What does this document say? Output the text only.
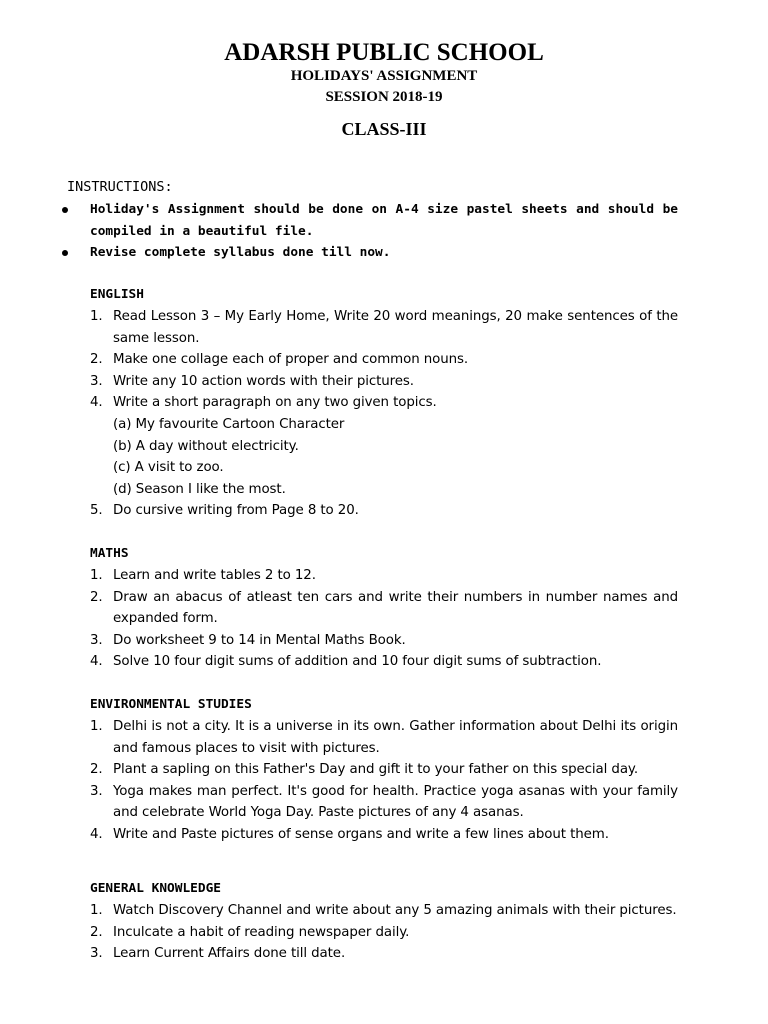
ADARSH PUBLIC SCHOOL
HOLIDAYS' ASSIGNMENT
SESSION 2018-19
CLASS-III
INSTRUCTIONS:
Holiday's Assignment should be done on A-4 size pastel sheets and should be compiled in a beautiful file.
Revise complete syllabus done till now.
ENGLISH
1. Read Lesson 3 – My Early Home, Write 20 word meanings, 20 make sentences of the same lesson.
2. Make one collage each of proper and common nouns.
3. Write any 10 action words with their pictures.
4. Write a short paragraph on any two given topics.
(a) My favourite Cartoon Character
(b) A day without electricity.
(c) A visit to zoo.
(d) Season I like the most.
5. Do cursive writing from Page 8 to 20.
MATHS
1. Learn and write tables 2 to 12.
2. Draw an abacus of atleast ten cars and write their numbers in number names and expanded form.
3. Do worksheet 9 to 14 in Mental Maths Book.
4. Solve 10 four digit sums of addition and 10 four digit sums of subtraction.
ENVIRONMENTAL STUDIES
1. Delhi is not a city. It is a universe in its own. Gather information about Delhi its origin and famous places to visit with pictures.
2. Plant a sapling on this Father's Day and gift it to your father on this special day.
3. Yoga makes man perfect. It's good for health. Practice yoga asanas with your family and celebrate World Yoga Day. Paste pictures of any 4 asanas.
4. Write and Paste pictures of sense organs and write a few lines about them.
GENERAL KNOWLEDGE
1. Watch Discovery Channel and write about any 5 amazing animals with their pictures.
2. Inculcate a habit of reading newspaper daily.
3. Learn Current Affairs done till date.
